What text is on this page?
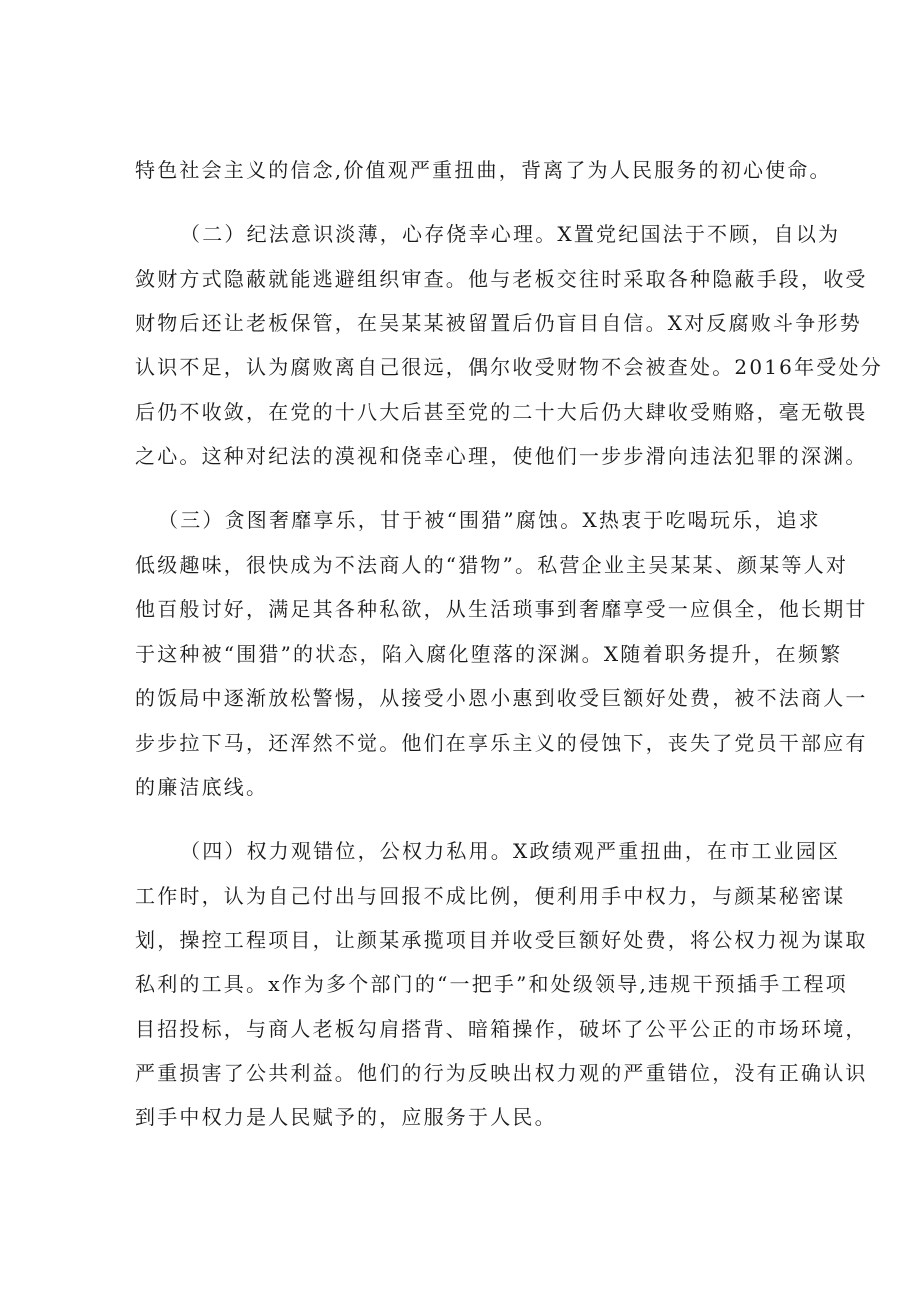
特色社会主义的信念,价值观严重扭曲，背离了为人民服务的初心使命。
（二）纪法意识淡薄，心存侥幸心理。X置党纪国法于不顾，自以为
敛财方式隐蔽就能逃避组织审查。他与老板交往时采取各种隐蔽手段，收受
财物后还让老板保管，在吴某某被留置后仍盲目自信。X对反腐败斗争形势
认识不足，认为腐败离自己很远，偶尔收受财物不会被查处。2016年受处分
后仍不收敛，在党的十八大后甚至党的二十大后仍大肆收受贿赂，毫无敬畏
之心。这种对纪法的漠视和侥幸心理，使他们一步步滑向违法犯罪的深渊。
（三）贪图奢靡享乐，甘于被“围猎”腐蚀。X热衷于吃喝玩乐，追求
低级趣味，很快成为不法商人的“猎物”。私营企业主吴某某、颜某等人对
他百般讨好，满足其各种私欲，从生活琐事到奢靡享受一应俱全，他长期甘
于这种被“围猎”的状态，陷入腐化堕落的深渊。X随着职务提升，在频繁
的饭局中逐渐放松警惕，从接受小恩小惠到收受巨额好处费，被不法商人一
步步拉下马，还浑然不觉。他们在享乐主义的侵蚀下，丧失了党员干部应有
的廉洁底线。
（四）权力观错位，公权力私用。X政绩观严重扭曲，在市工业园区
工作时，认为自己付出与回报不成比例，便利用手中权力，与颜某秘密谋
划，操控工程项目，让颜某承揽项目并收受巨额好处费，将公权力视为谋取
私利的工具。x作为多个部门的“一把手”和处级领导,违规干预插手工程项
目招投标，与商人老板勾肩搭背、暗箱操作，破坏了公平公正的市场环境，
严重损害了公共利益。他们的行为反映出权力观的严重错位，没有正确认识
到手中权力是人民赋予的，应服务于人民。
